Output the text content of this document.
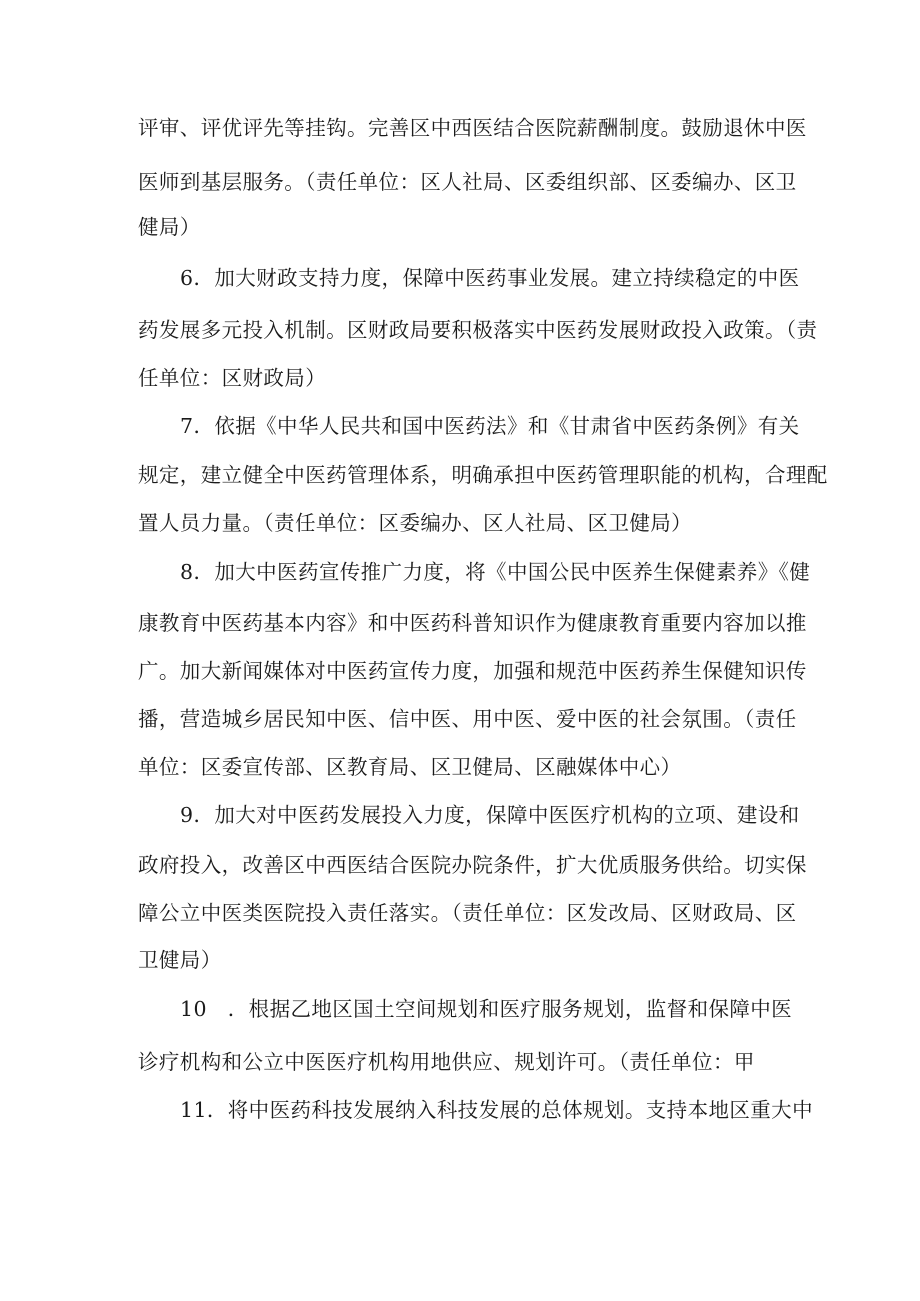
评审、评优评先等挂钩。完善区中西医结合医院薪酬制度。鼓励退休中医
医师到基层服务。（责任单位：区人社局、区委组织部、区委编办、区卫
健局）
6．加大财政支持力度，保障中医药事业发展。建立持续稳定的中医
药发展多元投入机制。区财政局要积极落实中医药发展财政投入政策。（责
任单位：区财政局）
7．依据《中华人民共和国中医药法》和《甘肃省中医药条例》有关
规定，建立健全中医药管理体系，明确承担中医药管理职能的机构，合理配
置人员力量。（责任单位：区委编办、区人社局、区卫健局）
8．加大中医药宣传推广力度，将《中国公民中医养生保健素养》《健
康教育中医药基本内容》和中医药科普知识作为健康教育重要内容加以推
广。加大新闻媒体对中医药宣传力度，加强和规范中医药养生保健知识传
播，营造城乡居民知中医、信中医、用中医、爱中医的社会氛围。（责任
单位：区委宣传部、区教育局、区卫健局、区融媒体中心）
9．加大对中医药发展投入力度，保障中医医疗机构的立项、建设和
政府投入，改善区中西医结合医院办院条件，扩大优质服务供给。切实保
障公立中医类医院投入责任落实。（责任单位：区发改局、区财政局、区
卫健局）
10　．根据乙地区国土空间规划和医疗服务规划，监督和保障中医
诊疗机构和公立中医医疗机构用地供应、规划许可。（责任单位：甲
11．将中医药科技发展纳入科技发展的总体规划。支持本地区重大中
